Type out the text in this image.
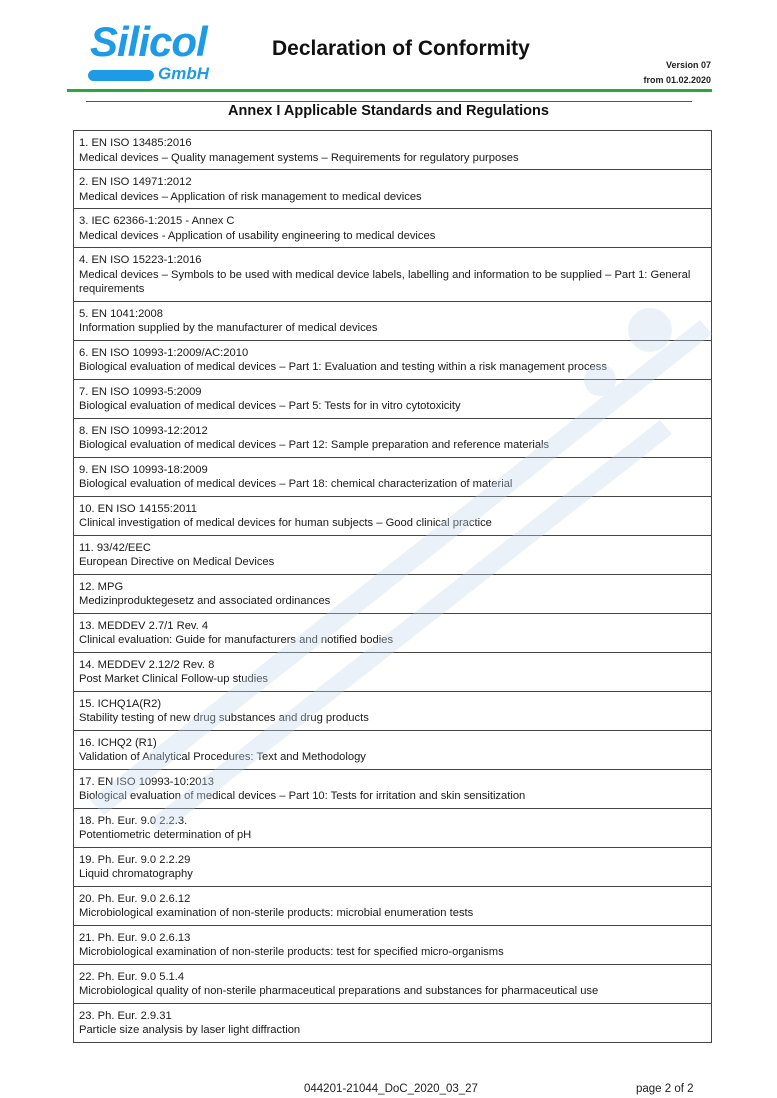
Silicol
GmbH
Declaration of Conformity
Version 07
from 01.02.2020
Annex I Applicable Standards and Regulations
1. EN ISO 13485:2016
Medical devices – Quality management systems – Requirements for regulatory purposes
2. EN ISO 14971:2012
Medical devices – Application of risk management to medical devices
3. IEC 62366-1:2015 - Annex C
Medical devices - Application of usability engineering to medical devices
4. EN ISO 15223-1:2016
Medical devices – Symbols to be used with medical device labels, labelling and information to be supplied – Part 1: General requirements
5. EN 1041:2008
Information supplied by the manufacturer of medical devices
6. EN ISO 10993-1:2009/AC:2010
Biological evaluation of medical devices – Part 1: Evaluation and testing within a risk management process
7. EN ISO 10993-5:2009
Biological evaluation of medical devices – Part 5: Tests for in vitro cytotoxicity
8. EN ISO 10993-12:2012
Biological evaluation of medical devices – Part 12: Sample preparation and reference materials
9. EN ISO 10993-18:2009
Biological evaluation of medical devices – Part 18: chemical characterization of material
10. EN ISO 14155:2011
Clinical investigation of medical devices for human subjects – Good clinical practice
11. 93/42/EEC
European Directive on Medical Devices
12. MPG
Medizinproduktegesetz and associated ordinances
13. MEDDEV 2.7/1 Rev. 4
Clinical evaluation: Guide for manufacturers and notified bodies
14. MEDDEV 2.12/2 Rev. 8
Post Market Clinical Follow-up studies
15. ICHQ1A(R2)
Stability testing of new drug substances and drug products
16. ICHQ2 (R1)
Validation of Analytical Procedures: Text and Methodology
17. EN ISO 10993-10:2013
Biological evaluation of medical devices – Part 10: Tests for irritation and skin sensitization
18. Ph. Eur. 9.0 2.2.3.
Potentiometric determination of pH
19. Ph. Eur. 9.0 2.2.29
Liquid chromatography
20. Ph. Eur. 9.0 2.6.12
Microbiological examination of non-sterile products: microbial enumeration tests
21. Ph. Eur. 9.0 2.6.13
Microbiological examination of non-sterile products: test for specified micro-organisms
22. Ph. Eur. 9.0 5.1.4
Microbiological quality of non-sterile pharmaceutical preparations and substances for pharmaceutical use
23. Ph. Eur. 2.9.31
Particle size analysis by laser light diffraction
044201-21044_DoC_2020_03_27	page 2 of 2
